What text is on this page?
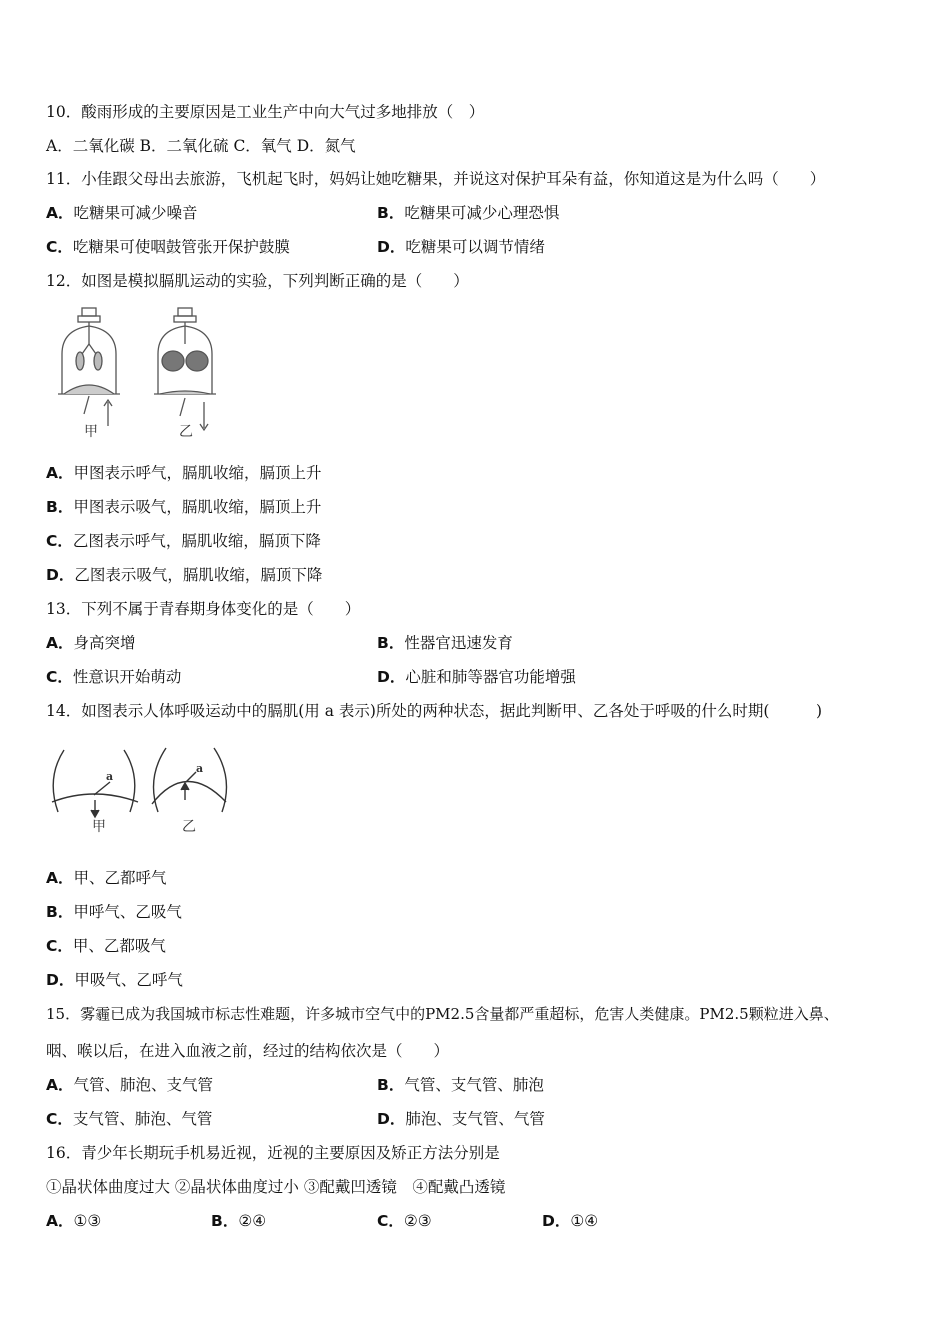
10．酸雨形成的主要原因是工业生产中向大气过多地排放（　）
A．二氧化碳 B．二氧化硫 C．氧气 D．氮气
11．小佳跟父母出去旅游，飞机起飞时，妈妈让她吃糖果，并说这对保护耳朵有益，你知道这是为什么吗（　　）
A．吃糖果可减少噪音	B．吃糖果可减少心理恐惧
C．吃糖果可使咽鼓管张开保护鼓膜	D．吃糖果可以调节情绪
12．如图是模拟膈肌运动的实验，下列判断正确的是（　　）
甲	乙
A．甲图表示呼气，膈肌收缩，膈顶上升
B．甲图表示吸气，膈肌收缩，膈顶上升
C．乙图表示呼气，膈肌收缩，膈顶下降
D．乙图表示吸气，膈肌收缩，膈顶下降
13．下列不属于青春期身体变化的是（　　）
A．身高突增	B．性器官迅速发育
C．性意识开始萌动	D．心脏和肺等器官功能增强
14．如图表示人体呼吸运动中的膈肌(用 a 表示)所处的两种状态，据此判断甲、乙各处于呼吸的什么时期(　　　)
a
a
甲	乙
A．甲、乙都呼气
B．甲呼气、乙吸气
C．甲、乙都吸气
D．甲吸气、乙呼气
15．雾霾已成为我国城市标志性难题，许多城市空气中的PM2.5含量都严重超标，危害人类健康。PM2.5颗粒进入鼻、
咽、喉以后，在进入血液之前，经过的结构依次是（　　）
A．气管、肺泡、支气管	B．气管、支气管、肺泡
C．支气管、肺泡、气管	D．肺泡、支气管、气管
16．青少年长期玩手机易近视，近视的主要原因及矫正方法分别是
①晶状体曲度过大 ②晶状体曲度过小 ③配戴凹透镜　④配戴凸透镜
A．①③	B．②④	C．②③	D．①④
